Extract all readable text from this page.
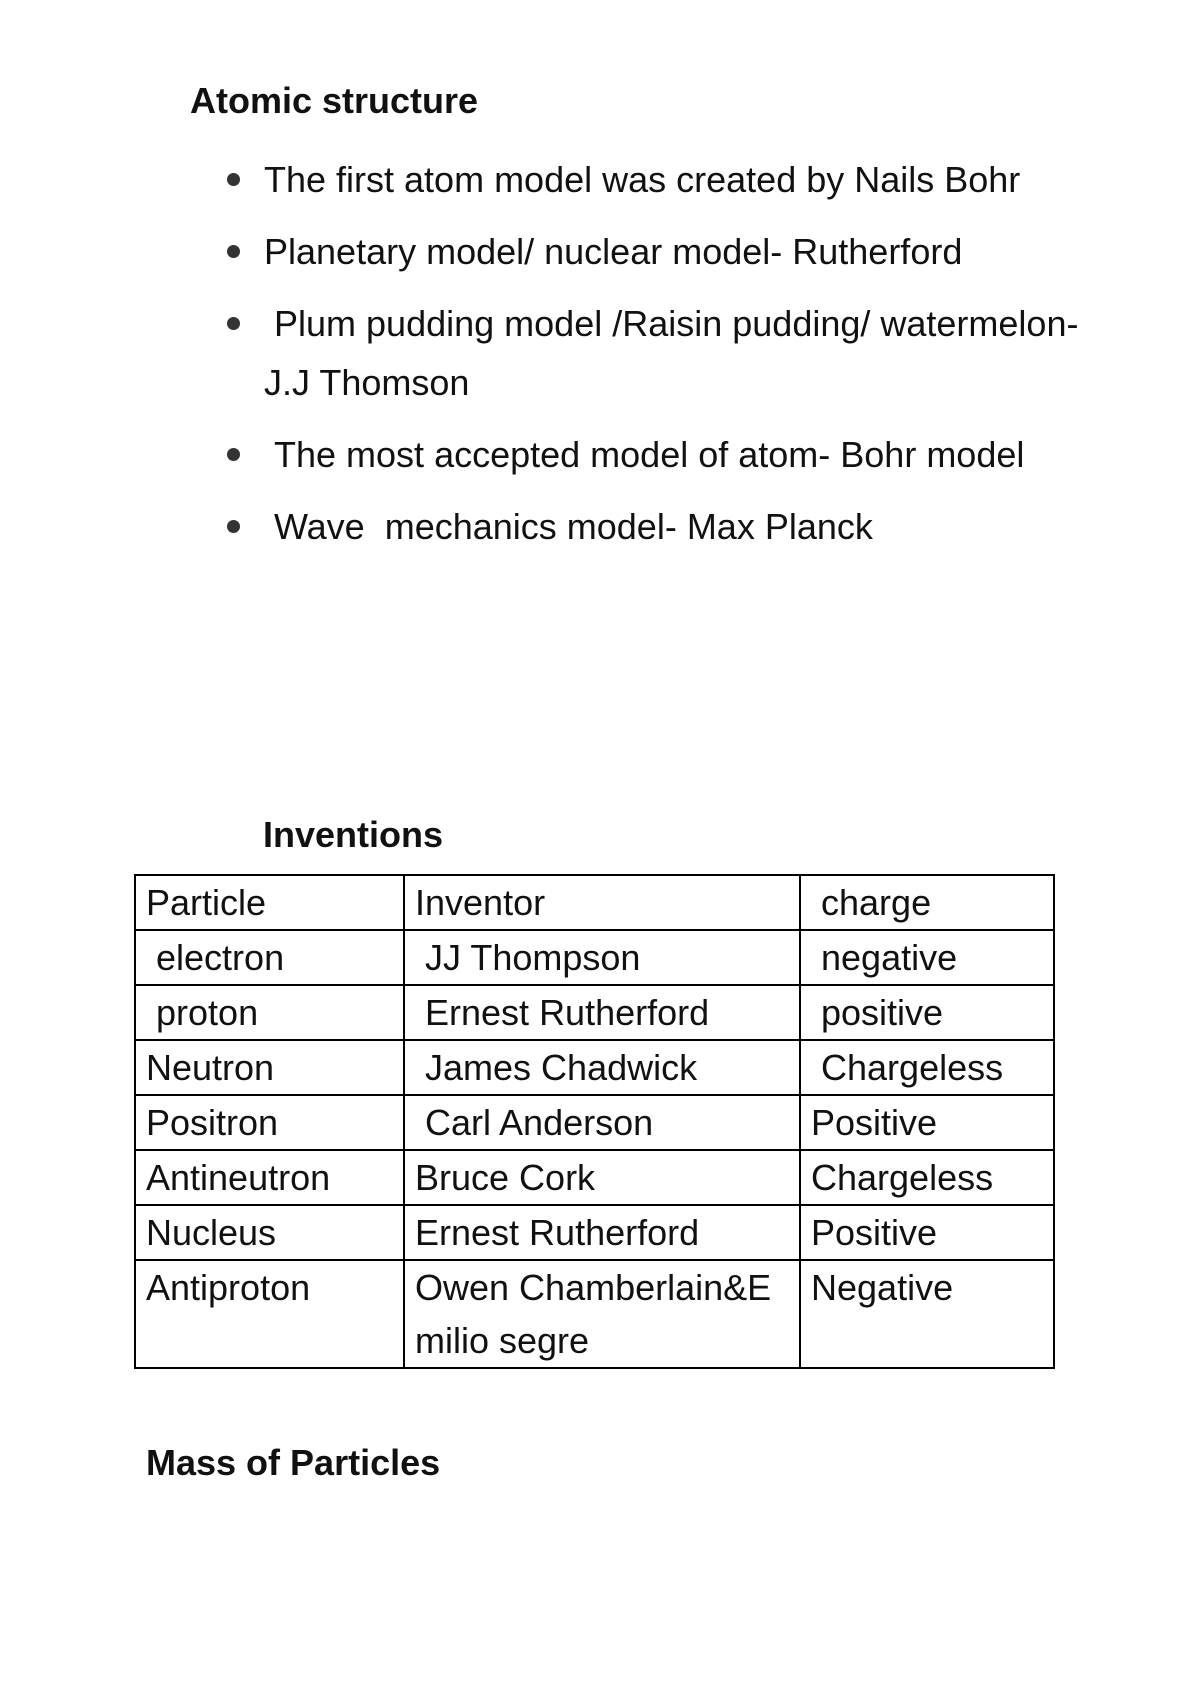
Atomic structure
The first atom model was created by Nails Bohr
Planetary model/ nuclear model- Rutherford
Plum pudding model /Raisin pudding/ watermelon- J.J Thomson
The most accepted model of atom- Bohr model
Wave  mechanics model- Max Planck
Inventions
Particle	Inventor	charge
electron	JJ Thompson	negative
proton	Ernest Rutherford	positive
Neutron	James Chadwick	Chargeless
Positron	Carl Anderson	Positive
Antineutron	Bruce Cork	Chargeless
Nucleus	Ernest Rutherford	Positive
Antiproton	Owen Chamberlain&Emilio segre	Negative
Mass of Particles
